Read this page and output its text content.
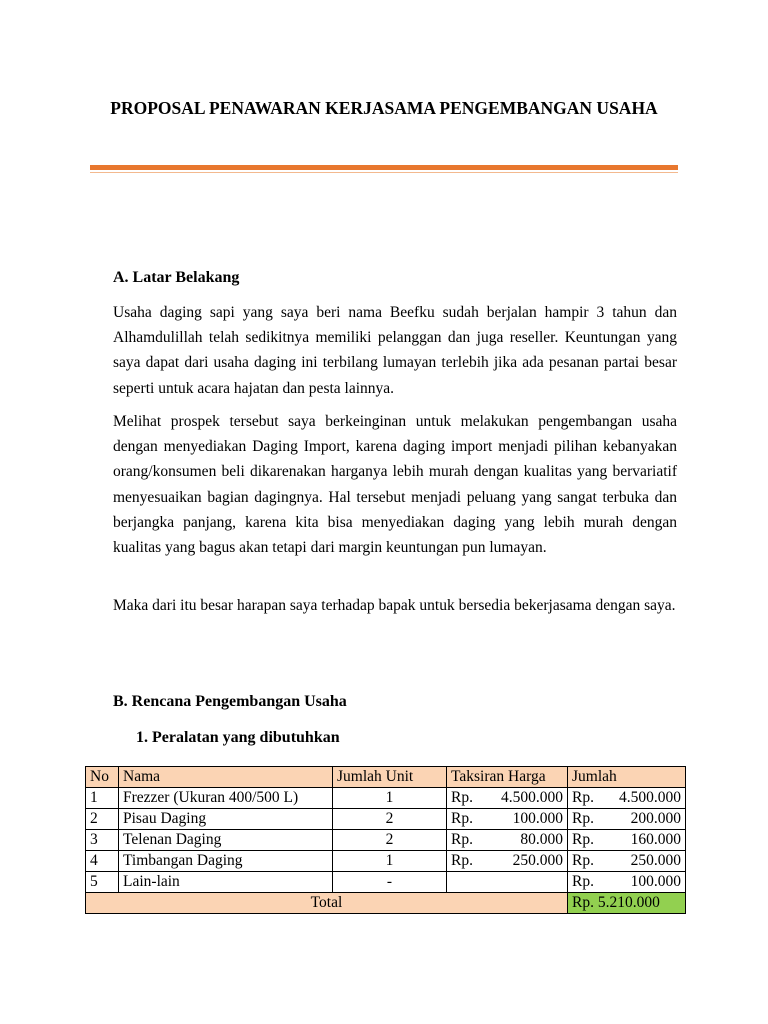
PROPOSAL PENAWARAN KERJASAMA PENGEMBANGAN USAHA
A. Latar Belakang

Usaha daging sapi yang saya beri nama Beefku sudah berjalan hampir 3 tahun dan Alhamdulillah telah sedikitnya memiliki pelanggan dan juga reseller. Keuntungan yang saya dapat dari usaha daging ini terbilang lumayan terlebih jika ada pesanan partai besar seperti untuk acara hajatan dan pesta lainnya.

Melihat prospek tersebut saya berkeinginan untuk melakukan pengembangan usaha dengan menyediakan Daging Import, karena daging import menjadi pilihan kebanyakan orang/konsumen beli dikarenakan harganya lebih murah dengan kualitas yang bervariatif menyesuaikan bagian dagingnya. Hal tersebut menjadi peluang yang sangat terbuka dan berjangka panjang, karena kita bisa menyediakan daging yang lebih murah dengan kualitas yang bagus akan tetapi dari margin keuntungan pun lumayan.

Maka dari itu besar harapan saya terhadap bapak untuk bersedia bekerjasama dengan saya.

B. Rencana Pengembangan Usaha
1. Peralatan yang dibutuhkan
No	Nama	Jumlah Unit	Taksiran Harga	Jumlah
1	Frezzer (Ukuran 400/500 L)	1	Rp. 4.500.000	Rp. 4.500.000

2	Pisau Daging	2	Rp. 100.000	Rp. 200.000

3	Telenan Daging	2	Rp. 80.000	Rp. 160.000

4	Timbangan Daging	1	Rp. 250.000	Rp. 250.000

5	Lain-lain	-		Rp. 100.000

Total				Rp. 5.210.000
